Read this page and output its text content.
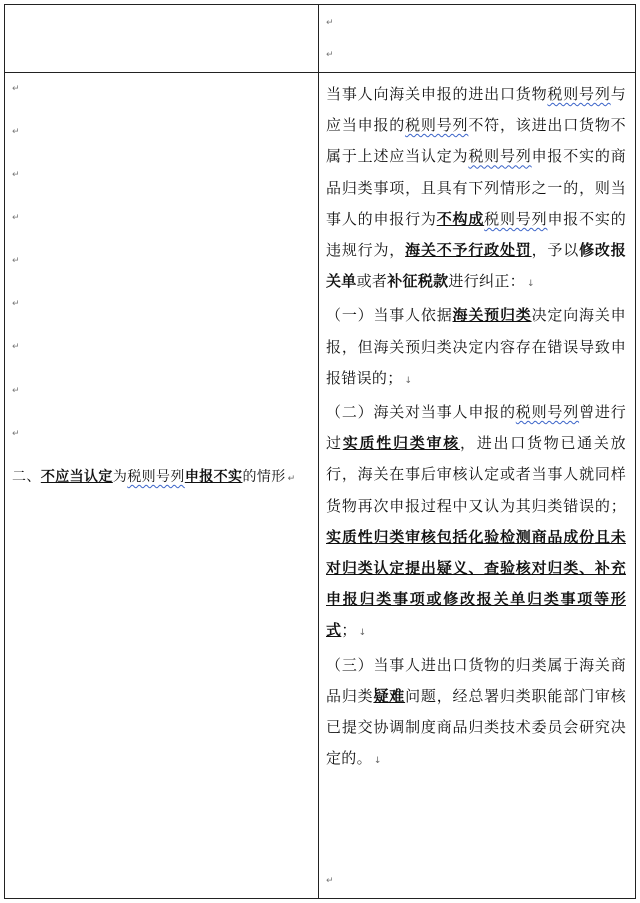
↵
↵
↵
↵
↵
↵
↵
↵
↵
↵
↵
二、不应当认定为税则号列申报不实的情形 ↵

当事人向海关申报的进出口货物税则号列与应当申报的税则号列不符，该进出口货物不属于上述应当认定为税则号列申报不实的商品归类事项，且具有下列情形之一的，则当事人的申报行为不构成税则号列申报不实的违规行为，海关不予行政处罚，予以修改报关单或者补征税款进行纠正： ↓

（一）当事人依据海关预归类决定向海关申报，但海关预归类决定内容存在错误导致申报错误的； ↓

（二）海关对当事人申报的税则号列曾进行过实质性归类审核，进出口货物已通关放行，海关在事后审核认定或者当事人就同样货物再次申报过程中又认为其归类错误的；实质性归类审核包括化验检测商品成份且未对归类认定提出疑义、查验核对归类、补充申报归类事项或修改报关单归类事项等形式； ↓

（三）当事人进出口货物的归类属于海关商品归类疑难问题，经总署归类职能部门审核已提交协调制度商品归类技术委员会研究决定的。 ↓

↵
